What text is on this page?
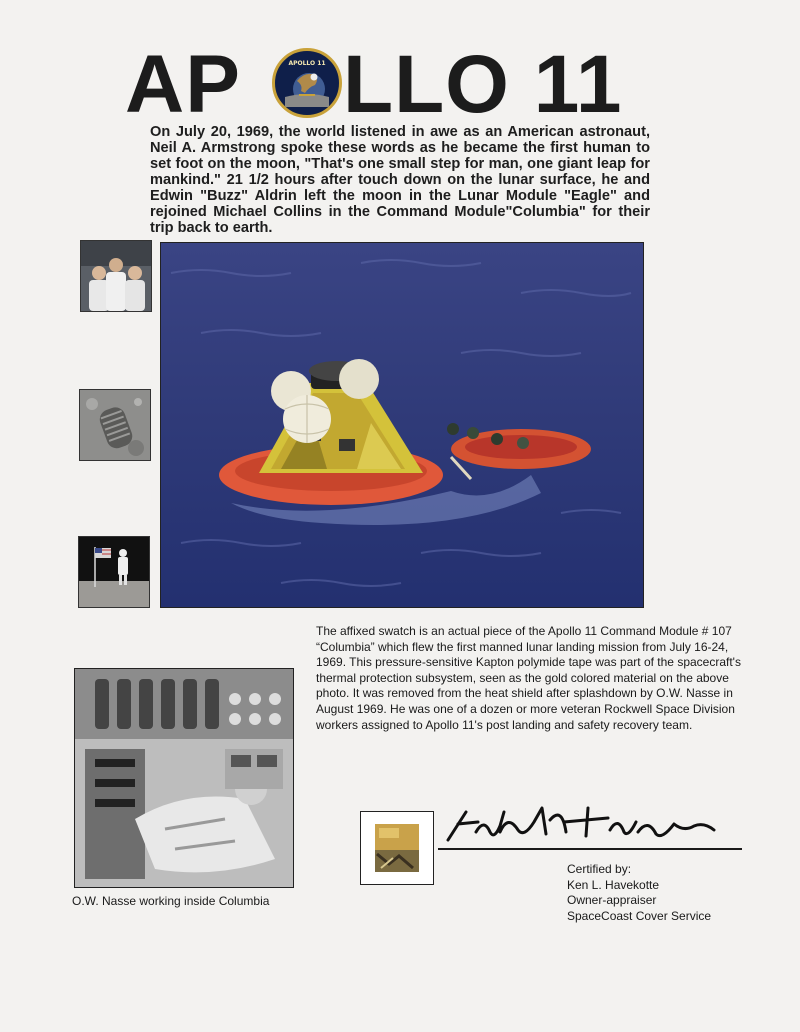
AP	APOLLO 11 LLO 11
On July 20, 1969, the world listened in awe as an American astronaut, Neil A. Armstrong spoke these words as he became the first human to set foot on the moon, "That's one small step for man, one giant leap for mankind." 21 1/2 hours after touch down on the lunar surface, he and Edwin "Buzz" Aldrin left the moon in the Lunar Module "Eagle" and rejoined Michael Collins in the Command Module"Columbia" for their trip back to earth.
The affixed swatch is an actual piece of the Apollo 11 Command Module # 107 “Columbia” which flew the first manned lunar landing mission from July 16-24, 1969. This pressure-sensitive Kapton polymide tape was part of the spacecraft's thermal protection subsystem, seen as the gold colored material on the above photo. It was removed from the heat shield after splashdown by O.W. Nasse in August 1969. He was one of a dozen or more veteran Rockwell Space Division workers assigned to Apollo 11's post landing and safety recovery team.
O.W. Nasse working inside Columbia
Certified by:
Ken L. Havekotte
Owner-appraiser
SpaceCoast Cover Service
